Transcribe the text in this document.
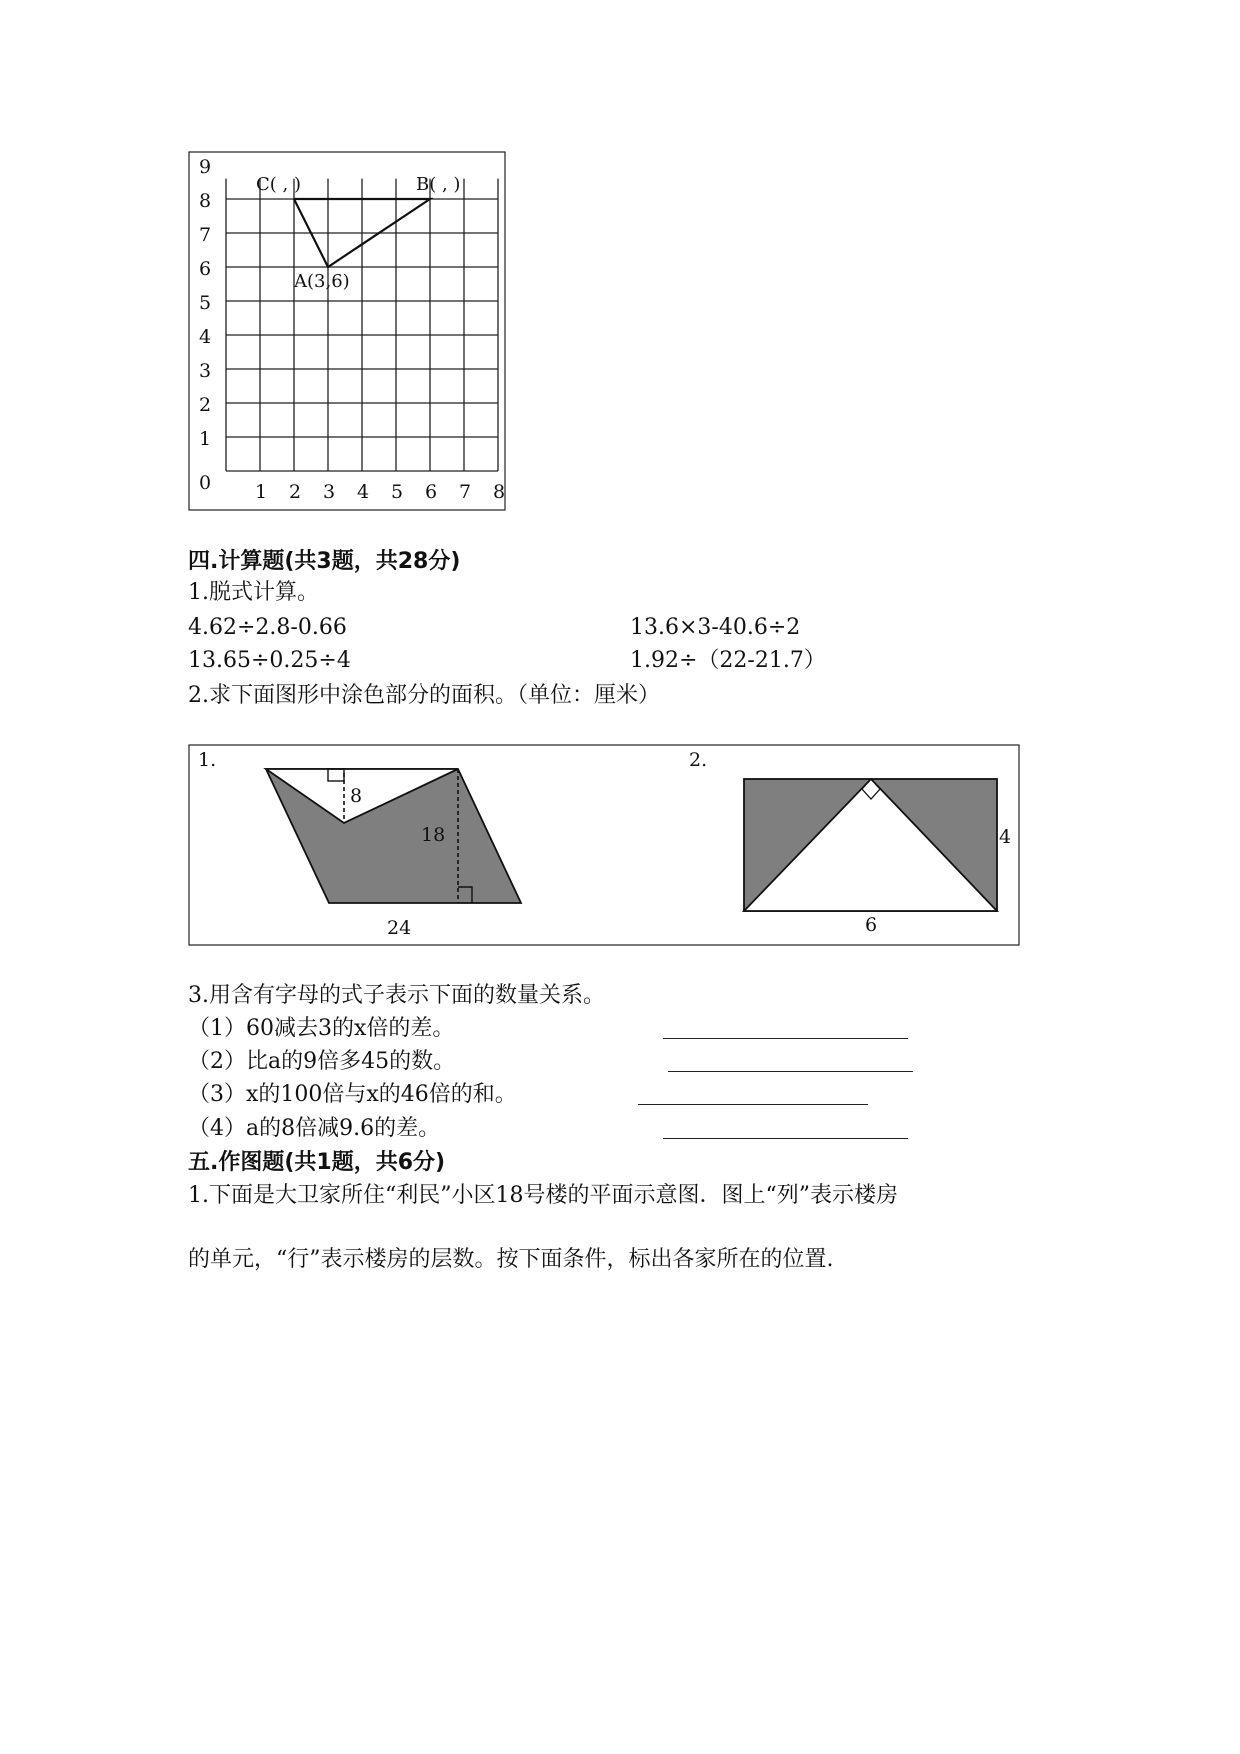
0
1
2
3
4
5
6
7
8
9
1 2 3 4 5 6 7 8
C( , )	B( , )
A(3,6)
四.计算题(共3题，共28分)
1.脱式计算。
4.62÷2.8-0.66	13.6×3-40.6÷2
13.65÷0.25÷4	1.92÷（22-21.7）
2.求下面图形中涂色部分的面积。（单位：厘米）
1.
8
18
24
2.
4
6
3.用含有字母的式子表示下面的数量关系。
（1）60减去3的x倍的差。
（2）比a的9倍多45的数。
（3）x的100倍与x的46倍的和。
（4）a的8倍减9.6的差。
五.作图题(共1题，共6分)
1.下面是大卫家所住“利民”小区18号楼的平面示意图．图上“列”表示楼房
的单元，“行”表示楼房的层数。按下面条件，标出各家所在的位置.
